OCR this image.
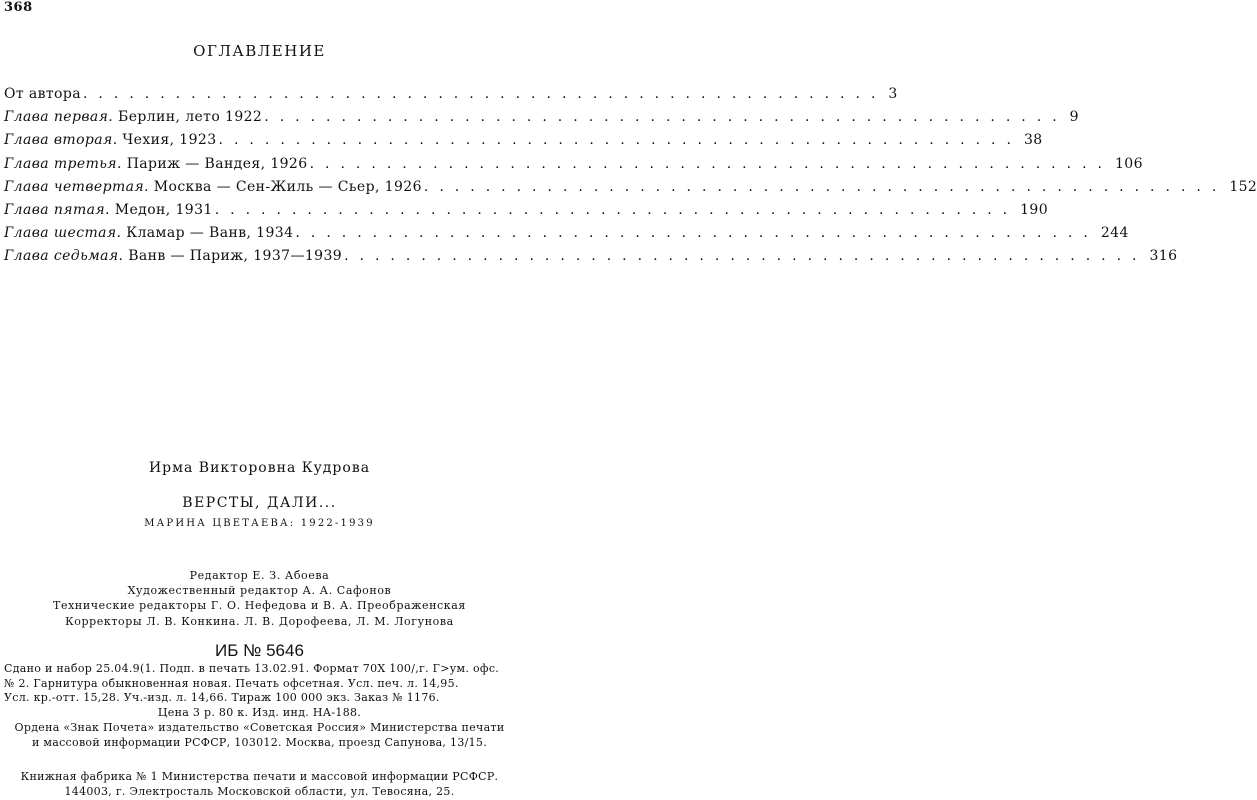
368
ОГЛАВЛЕНИЕ
От автора .................................................... 3
Глава первая.
Берлин, лето 1922 .................................................... 9
Глава вторая.
Чехия, 1923 .................................................... 38
Глава третья.
Париж — Вандея, 1926 .................................................... 106
Глава четвертая.
Москва — Сен-Жиль — Сьер, 1926 .................................................... 152
Глава пятая.
Медон, 1931 .................................................... 190
Глава шестая.
Кламар — Ванв, 1934 .................................................... 244
Глава седьмая.
Ванв — Париж, 1937—1939 .................................................... 316
Ирма Викторовна Кудрова
ВЕРСТЫ, ДАЛИ...
МАРИНА ЦВЕТАЕВА: 1922-1939
Редактор Е. З. Абоева
Художественный редактор А. А. Сафонов
Технические редакторы Г. О. Нефедова и В. А. Преображенская
Корректоры Л. В. Конкина. Л. В. Дорофеева, Л. М. Логунова
ИБ № 5646
Сдано и набор 25.04.9(1. Подп. в печать 13.02.91. Формат 70Х 100/,г. Г>ум. офс.
№ 2. Гарнитура обыкновенная новая. Печать офсетная. Усл. печ. л. 14,95.
Усл. кр.-отт. 15,28. Уч.-изд. л. 14,66. Тираж 100 000 экз. Заказ № 1176.
Цена 3 р. 80 к. Изд. инд. НА-188.
Ордена «Знак Почета» издательство «Советская Россия» Министерства печати
и массовой информации РСФСР, 103012. Москва, проезд Сапунова, 13/15.
Книжная фабрика № 1 Министерства печати и массовой информации РСФСР.
144003, г. Электросталь Московской области, ул. Тевосяна, 25.
